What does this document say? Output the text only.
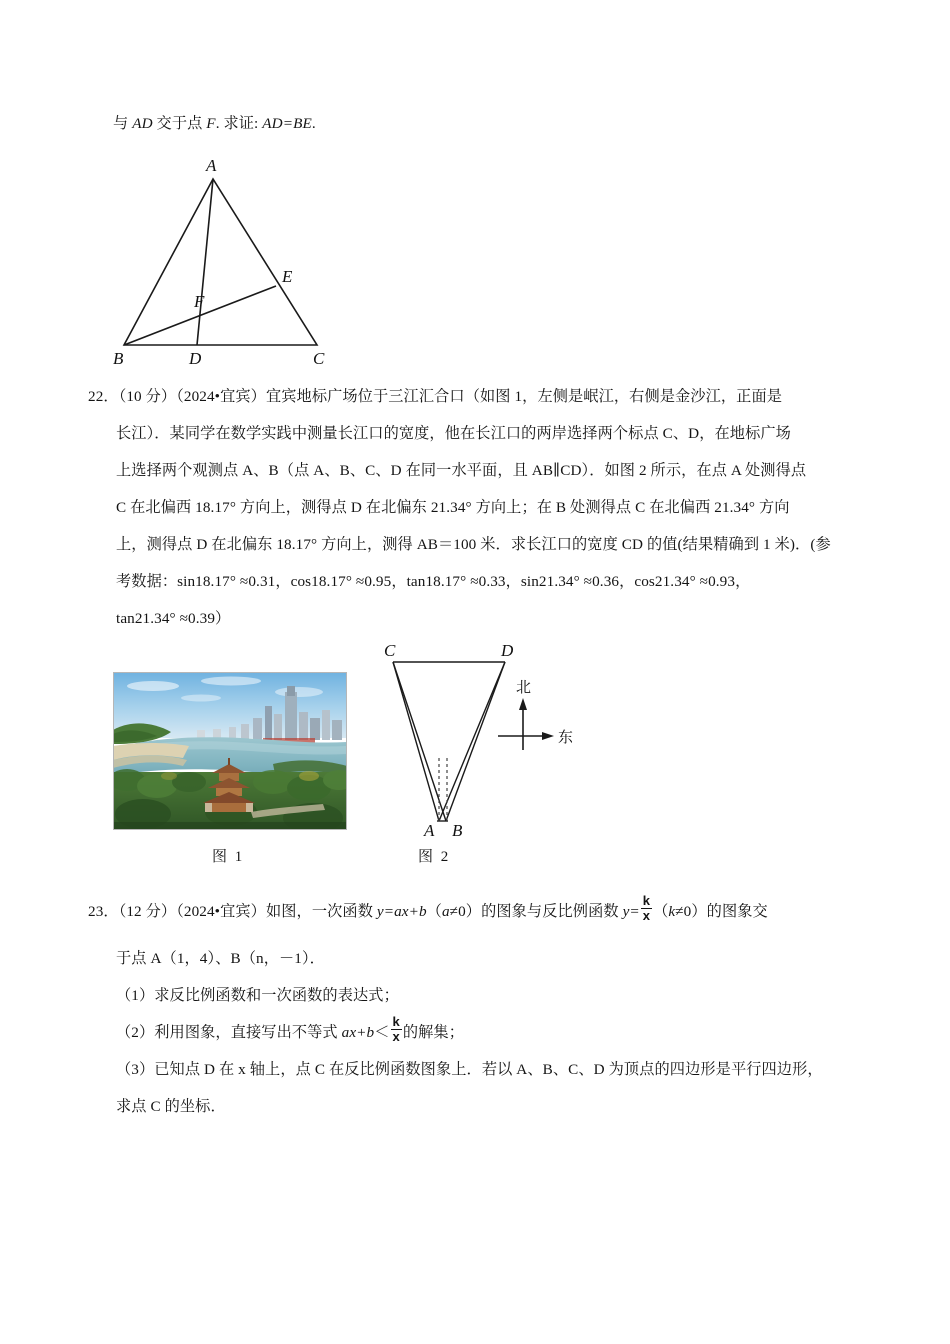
与 AD 交于点 F. 求证: AD=BE.
A
B	C
D
E
F
22．（10 分）（2024•宜宾）宜宾地标广场位于三江汇合口（如图 1，左侧是岷江，右侧是金沙江，正面是
长江）．某同学在数学实践中测量长江口的宽度，他在长江口的两岸选择两个标点 C、D，在地标广场
上选择两个观测点 A、B（点 A、B、C、D 在同一水平面，且 AB∥CD）．如图 2 所示，在点 A 处测得点
C 在北偏西 18.17° 方向上，测得点 D 在北偏东 21.34° 方向上；在 B 处测得点 C 在北偏西 21.34° 方向
上，测得点 D 在北偏东 18.17° 方向上，测得 AB＝100 米．求长江口的宽度 CD 的值(结果精确到 1 米)．(参
考数据：sin18.17° ≈0.31，cos18.17° ≈0.95，tan18.17° ≈0.33，sin21.34° ≈0.36，cos21.34° ≈0.93，
tan21.34° ≈0.39）
图 1
C	D
A B
北
东
图 2
23．（12 分）（2024•宜宾）如图，一次函数 y=ax+b（a≠0）的图象与反比例函数 $y= \frac{k}{x} (k\ne 0)$的图象交
于点 A（1，4）、B（n，－1）．
（1）求反比例函数和一次函数的表达式；
（2）利用图象，直接写出不等式 $ax+b< \frac{k}{x}$ 的解集；
（3）已知点 D 在 x 轴上，点 C 在反比例函数图象上．若以 A、B、C、D 为顶点的四边形是平行四边形，
求点 C 的坐标．
